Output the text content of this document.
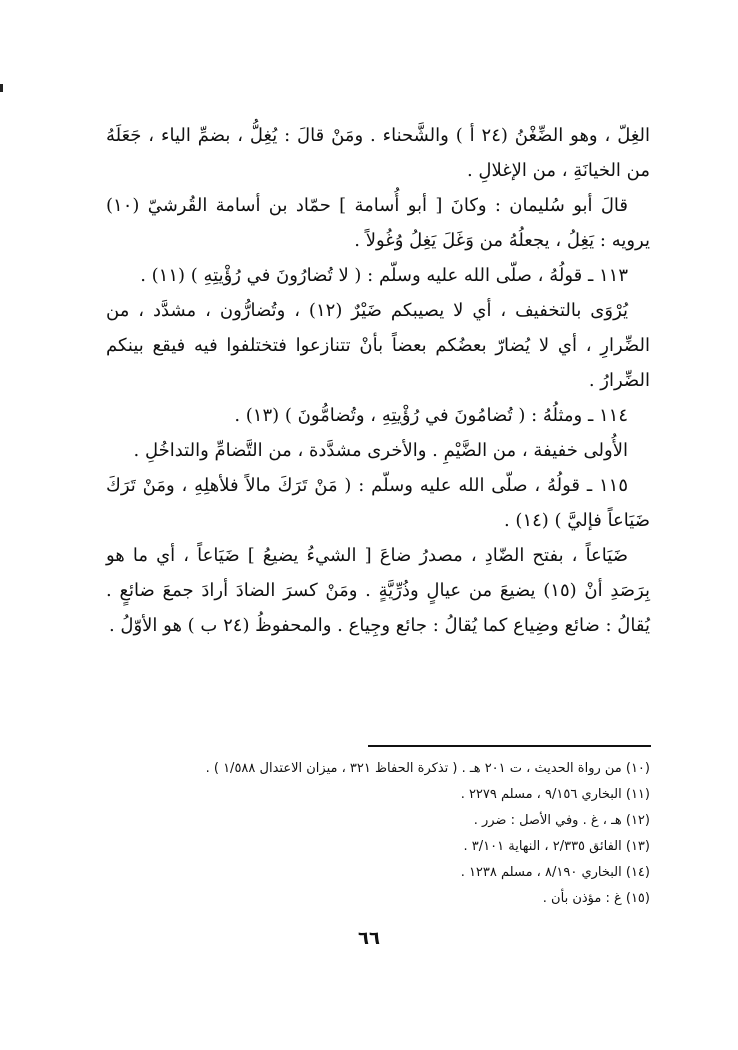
الغِلّ ، وهو الضِّغْنُ (٢٤ أ ) والشَّحناء . ومَنْ قالَ : يُغِلُّ ، بضمِّ الياء ، جَعَلَهُ من الخيانَةِ ، من الإغلالِ .

قالَ أبو سُليمان : وكانَ [ أبو أُسامة ] حمّاد بن أسامة القُرشيّ (١٠) يرويه : يَغِلُ ، يجعلُهُ من وَغَلَ يَغِلُ وُغُولاً .

١١٣ ـ قولُهُ ، صلّى الله عليه وسلّم : ( لا تُضارُونَ في رُؤْيتِهِ ) (١١) .

يُرْوَى بالتخفيف ، أي لا يصيبكم ضَيْرٌ (١٢) ، وتُضارُّون ، مشدَّد ، من الضِّرارِ ، أي لا يُضارّ بعضُكم بعضاً بأنْ تتنازعوا فتختلفوا فيه فيقع بينكم الضِّرارُ .

١١٤ ـ ومثلُهُ : ( تُضامُونَ في رُؤْيتِهِ ، وتُضامُّونَ ) (١٣) .

الأُولى خفيفة ، من الضَّيْمِ . والأخرى مشدَّدة ، من التَّضامِّ والتداخُلِ .

١١٥ ـ قولُهُ ، صلّى الله عليه وسلّم : ( مَنْ تَرَكَ مالاً فلأهلِهِ ، ومَنْ تَرَكَ ضَيَاعاً فإليَّ ) (١٤) .

ضَيَاعاً ، بفتح الضّادِ ، مصدرُ ضاعَ [ الشيءُ يضيعُ ] ضَيَاعاً ، أي ما هو بِرَصَدِ أنْ (١٥) يضيعَ من عيالٍ وذُرِّيَّةٍ . ومَنْ كسرَ الضادَ أرادَ جمعَ ضائعٍ . يُقالُ : ضائع وضِياع كما يُقالُ : جائع وجِياع . والمحفوظُ (٢٤ ب ) هو الأوّلُ .

(١٠) من رواة الحديث ، ت ٢٠١ هـ . ( تذكرة الحفاظ ٣٢١ ، ميزان الاعتدال ١/٥٨٨ ) .

(١١) البخاري ٩/١٥٦ ، مسلم ٢٢٧٩ .

(١٢) هـ ، غ . وفي الأصل : ضرر .

(١٣) الفائق ٢/٣٣٥ ، النهاية ٣/١٠١ .

(١٤) البخاري ٨/١٩٠ ، مسلم ١٢٣٨ .

(١٥) غ : مؤذن بأن .

٦٦
